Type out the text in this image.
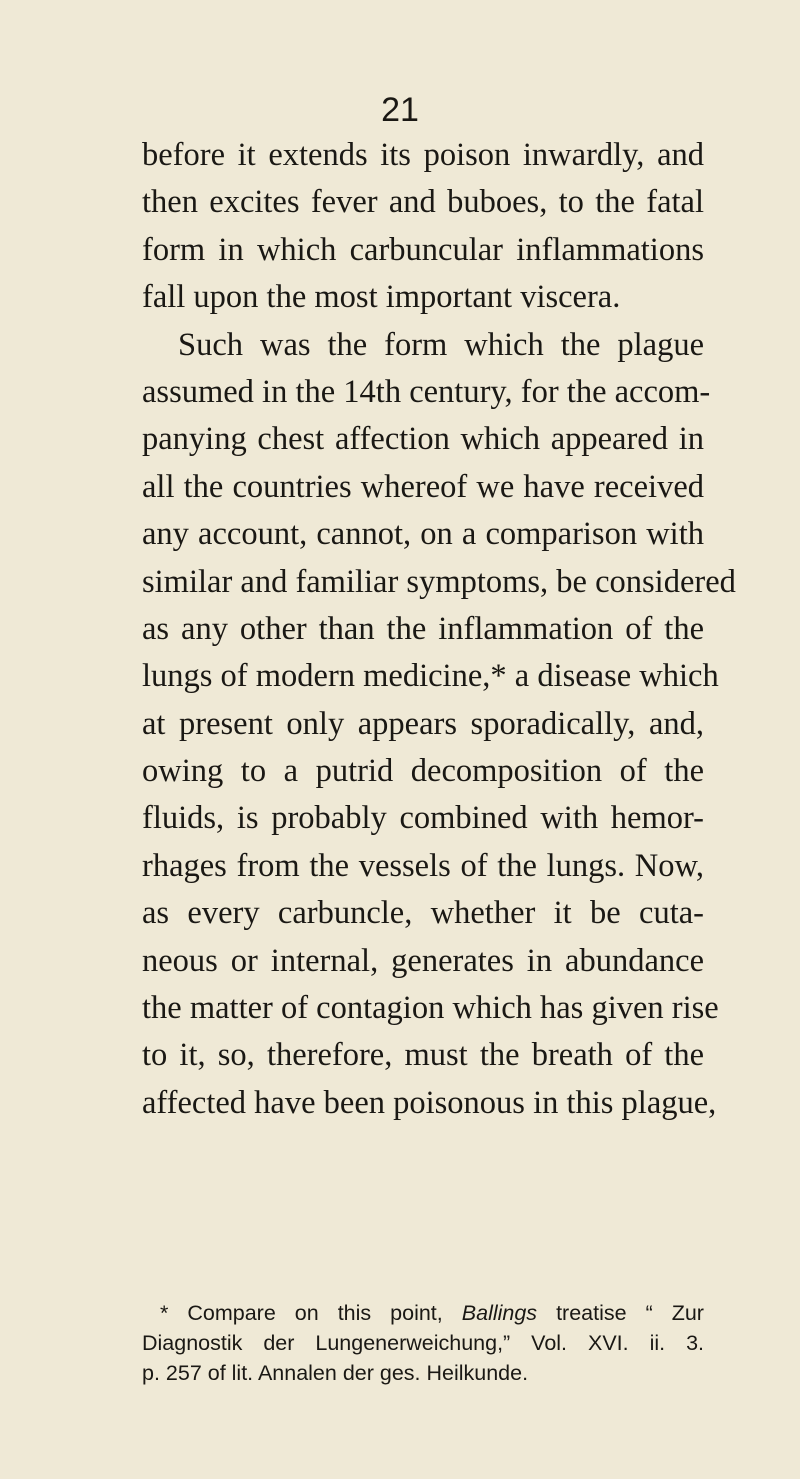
21
before it extends its poison inwardly, and
then excites fever and buboes, to the fatal
form in which carbuncular inflammations
fall upon the most important viscera.
Such was the form which the plague
assumed in the 14th century, for the accom-
panying chest affection which appeared in
all the countries whereof we have received
any account, cannot, on a comparison with
similar and familiar symptoms, be considered
as any other than the inflammation of the
lungs of modern medicine,* a disease which
at present only appears sporadically, and,
owing to a putrid decomposition of the
fluids, is probably combined with hemor-
rhages from the vessels of the lungs. Now,
as every carbuncle, whether it be cuta-
neous or internal, generates in abundance
the matter of contagion which has given rise
to it, so, therefore, must the breath of the
affected have been poisonous in this plague,
* Compare on this point, Ballings treatise “ Zur
Diagnostik der Lungenerweichung,” Vol. XVI. ii. 3.
p. 257 of lit. Annalen der ges. Heilkunde.
